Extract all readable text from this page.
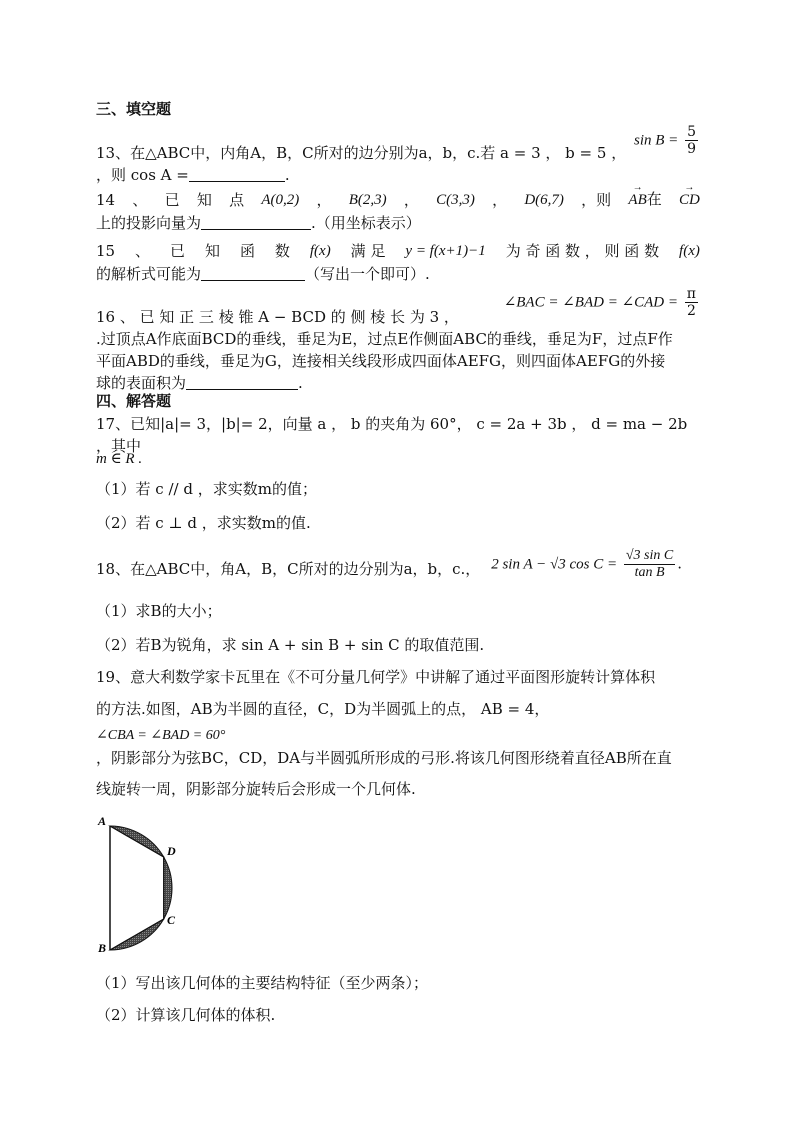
三、填空题
13、在△ABC中，内角A，B，C所对的边分别为a，b，c.若 a = 3 ， b = 5 ，
$\sin B = \frac{5}{9}$
，则 cos A =	.
14 、 已 知 点 A(0,2) ， B(2,3) ， C(3,3) ， D(6,7) ，则 → AB在 → CD
上的投影向量为	.（用坐标表示）
15 、 已 知 函 数 f(x) 满 足 y = f(x+1)−1 为 奇 函 数 ， 则 函 数 f(x)
的解析式可能为	（写出一个即可）.
16 、 已 知 正 三 棱 锥 A − BCD 的 侧 棱 长 为 3 ，
∠BAC = ∠BAD = ∠CAD = $\frac{\pi}{2}$
.过顶点A作底面BCD的垂线，垂足为E，过点E作侧面ABC的垂线，垂足为F，过点F作
平面ABD的垂线，垂足为G，连接相关线段形成四面体AEFG，则四面体AEFG的外接
球的表面积为	.
四、解答题
17、已知|a|= 3，|b|= 2，向量 a ， b 的夹角为 60°， c = 2a + 3b ， d = ma − 2b ，其中
m ∈ R .
（1）若 c // d ，求实数m的值；
（2）若 c ⊥ d ，求实数m的值.
18、在△ABC中，角A，B，C所对的边分别为a，b，c.， 2 sin A − √3 $\cos C = \frac{\text{√3 sin C}}{\text{tan B}}$ .
（1）求B的大小；
（2）若B为锐角，求 sin A + sin B + sin C 的取值范围.
19、意大利数学家卡瓦里在《不可分量几何学》中讲解了通过平面图形旋转计算体积
的方法.如图，AB为半圆的直径，C，D为半圆弧上的点， AB = 4，
∠CBA = ∠BAD = 60°
，阴影部分为弦BC，CD，DA与半圆弧所形成的弓形.将该几何图形绕着直径AB所在直
线旋转一周，阴影部分旋转后会形成一个几何体.
A
D
C
B
（1）写出该几何体的主要结构特征（至少两条）；
（2）计算该几何体的体积.
